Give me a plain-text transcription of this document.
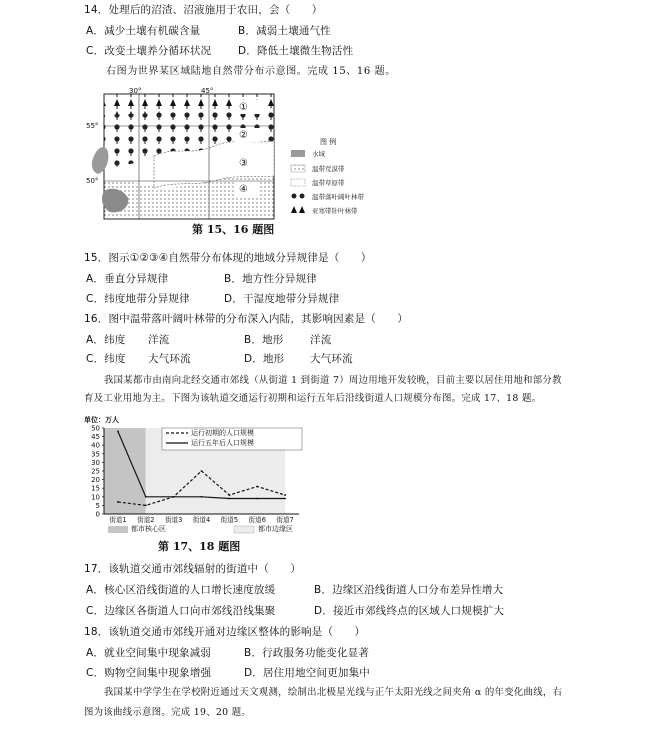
14．处理后的沼渣、沼液施用于农田，会（　　）
A．减少土壤有机碳含量	B．减弱土壤通气性
C．改变土壤养分循环状况	D．降低土壤微生物活性
右图为世界某区域陆地自然带分布示意图。完成 15、16 题。
30°	45°
55°
50°
①
②
③
④
图 例
水域
温带荒漠带
温带草原带
温带落叶阔叶林带
亚寒带针叶林带
第 15、16 题图
15．图示①②③④自然带分布体现的地域分异规律是（　　）
A．垂直分异规律	B．地方性分异规律
C．纬度地带分异规律	D．干湿度地带分异规律
16．图中温带落叶阔叶林带的分布深入内陆，其影响因素是（　　）
A．纬度 洋流	B．地形	洋流
C．纬度 大气环流	D．地形 大气环流
我国某都市由南向北经交通市郊线（从街道 1 到街道 7）周边用地开发较晚，目前主要以居住用地和部分教
育及工业用地为主。下图为该轨道交通运行初期和运行五年后沿线街道人口规模分布图。完成 17、18 题。
0
5
10
15
20
25
30
35
40
45
50
街道1 街道2 街道3 街道4 街道5 街道6 街道7
单位：万人
运行初期的人口规模
运行五年后人口规模
都市核心区	都市边缘区
第 17、18 题图
17．该轨道交通市郊线辐射的街道中（　　）
A．核心区沿线街道的人口增长速度放缓	B．边缘区沿线街道人口分布差异性增大
C．边缘区各街道人口向市郊线沿线集聚	D．接近市郊线终点的区域人口规模扩大
18．该轨道交通市郊线开通对边缘区整体的影响是（　　）
A．就业空间集中现象减弱	B．行政服务功能变化显著
C．购物空间集中现象增强	D．居住用地空间更加集中
我国某中学学生在学校附近通过天文观测，绘制出北极星光线与正午太阳光线之间夹角 α 的年变化曲线，右
图为该曲线示意图。完成 19、20 题。
